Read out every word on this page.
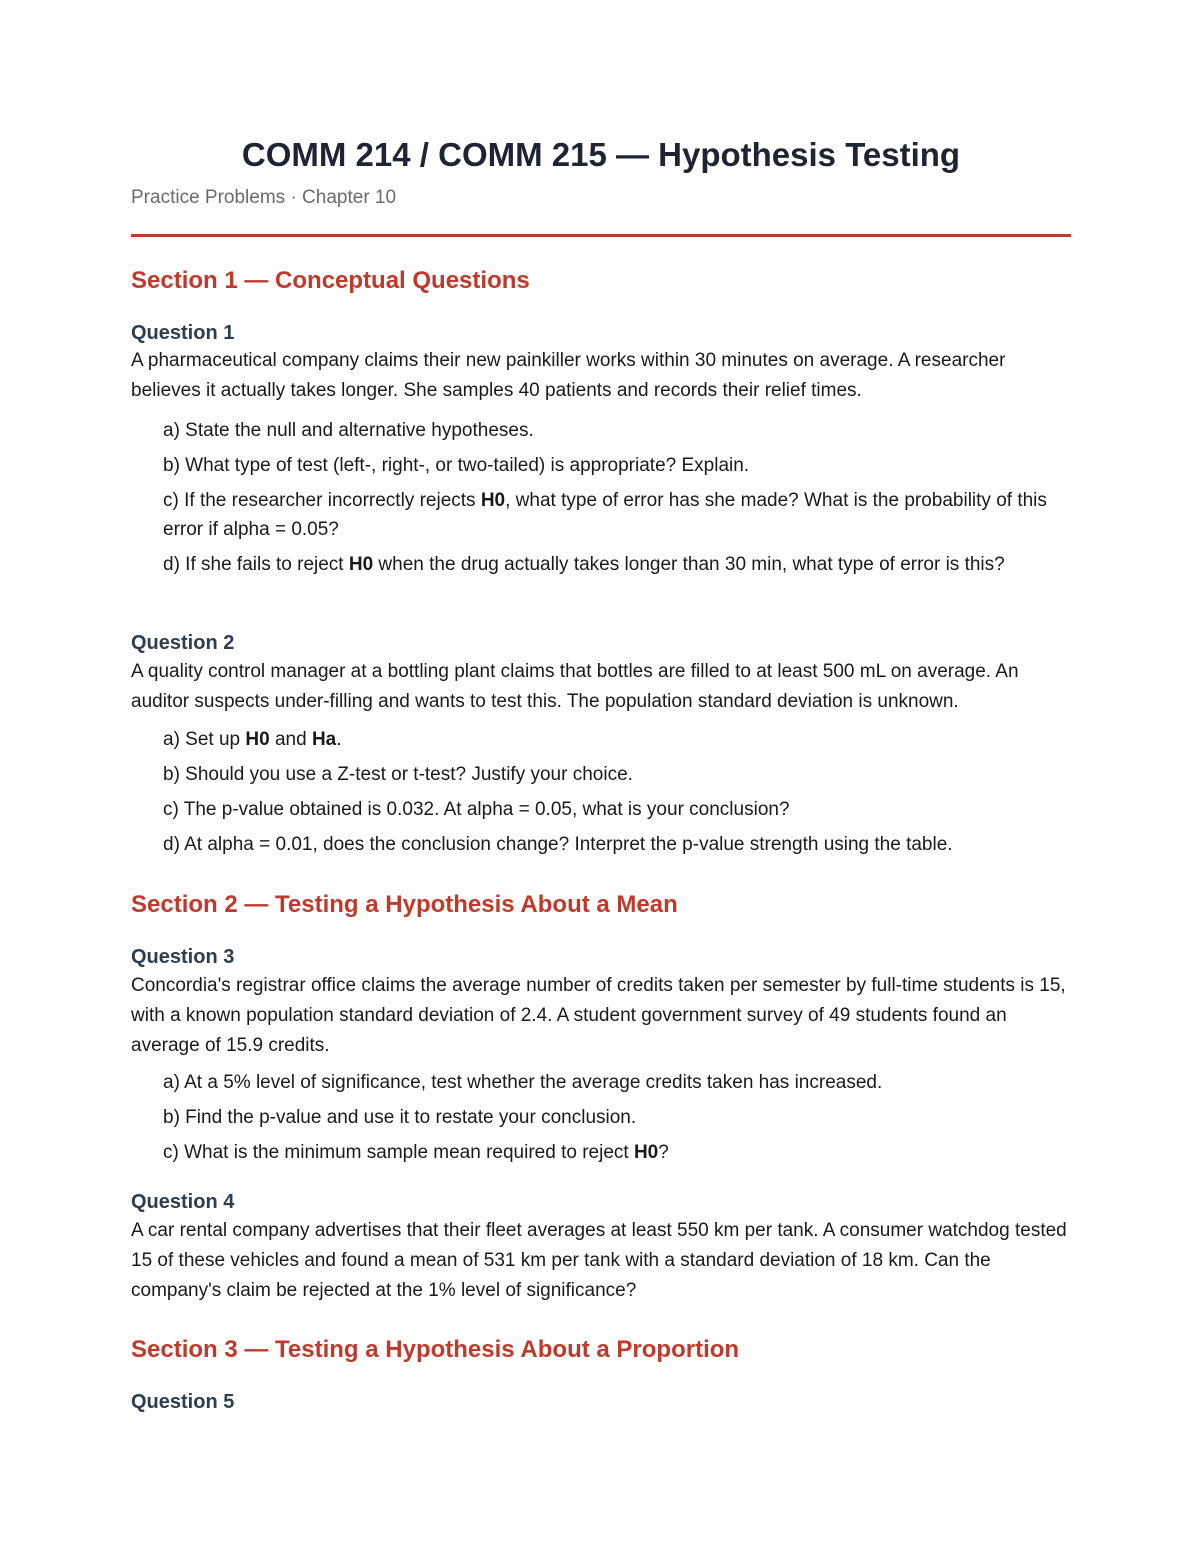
COMM 214 / COMM 215 — Hypothesis Testing
Practice Problems · Chapter 10
Section 1 — Conceptual Questions
Question 1
A pharmaceutical company claims their new painkiller works within 30 minutes on average. A researcher believes it actually takes longer. She samples 40 patients and records their relief times.
a) State the null and alternative hypotheses.
b) What type of test (left-, right-, or two-tailed) is appropriate? Explain.
c) If the researcher incorrectly rejects H0, what type of error has she made? What is the probability of this error if alpha = 0.05?
d) If she fails to reject H0 when the drug actually takes longer than 30 min, what type of error is this?
Question 2
A quality control manager at a bottling plant claims that bottles are filled to at least 500 mL on average. An auditor suspects under-filling and wants to test this. The population standard deviation is unknown.
a) Set up H0 and Ha.
b) Should you use a Z-test or t-test? Justify your choice.
c) The p-value obtained is 0.032. At alpha = 0.05, what is your conclusion?
d) At alpha = 0.01, does the conclusion change? Interpret the p-value strength using the table.
Section 2 — Testing a Hypothesis About a Mean
Question 3
Concordia's registrar office claims the average number of credits taken per semester by full-time students is 15, with a known population standard deviation of 2.4. A student government survey of 49 students found an average of 15.9 credits.
a) At a 5% level of significance, test whether the average credits taken has increased.
b) Find the p-value and use it to restate your conclusion.
c) What is the minimum sample mean required to reject H0?
Question 4
A car rental company advertises that their fleet averages at least 550 km per tank. A consumer watchdog tested 15 of these vehicles and found a mean of 531 km per tank with a standard deviation of 18 km. Can the company's claim be rejected at the 1% level of significance?
Section 3 — Testing a Hypothesis About a Proportion
Question 5
